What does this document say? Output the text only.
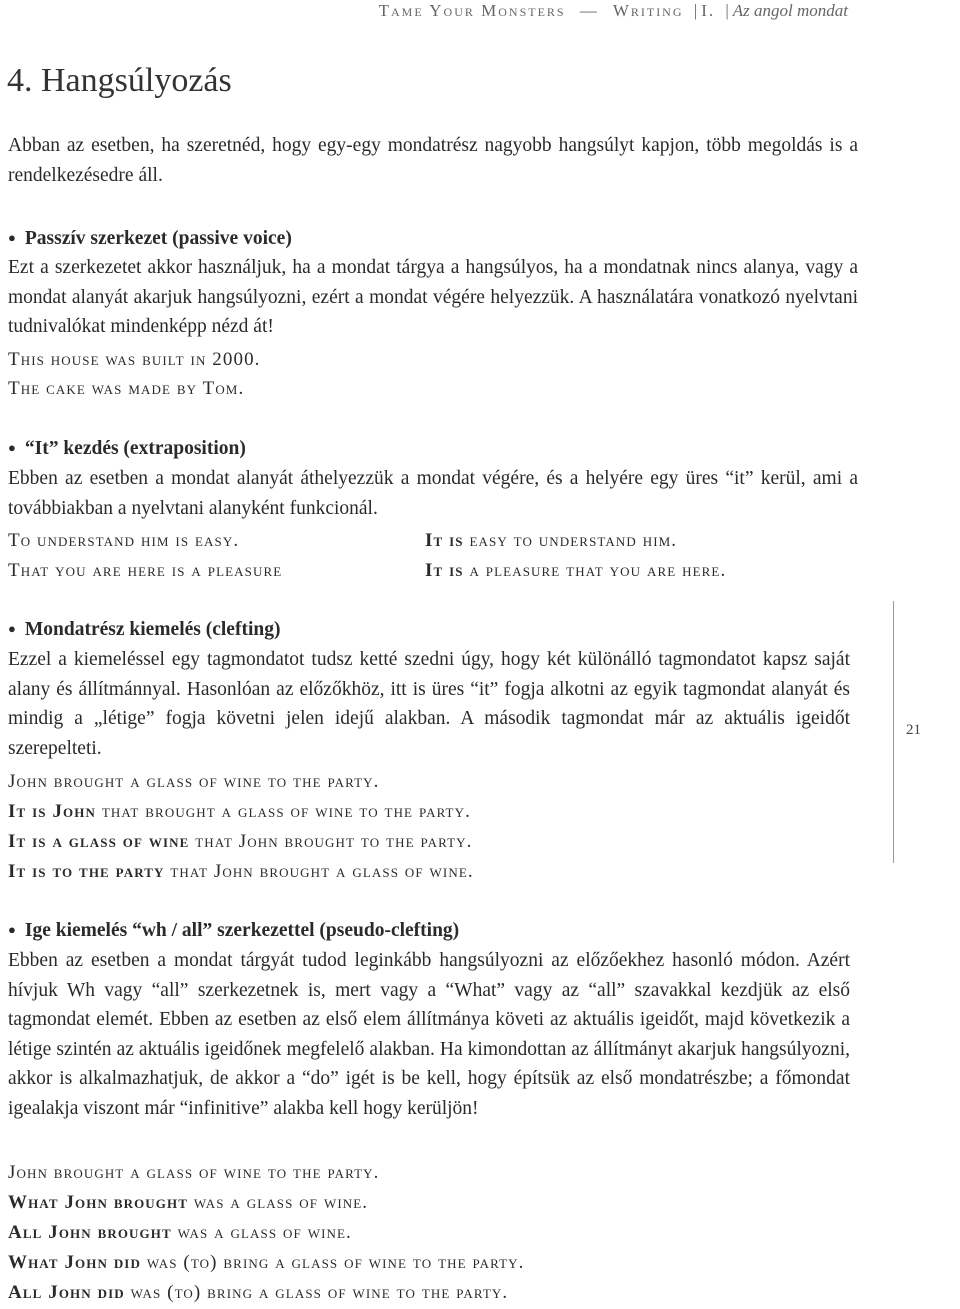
Tame Your Monsters — Writing | I. | Az angol mondat
4. Hangsúlyozás
Abban az esetben, ha szeretnéd, hogy egy-egy mondatrész nagyobb hangsúlyt kapjon, több megoldás is a rendelkezésedre áll.
● Passzív szerkezet (passive voice)
Ezt a szerkezetet akkor használjuk, ha a mondat tárgya a hangsúlyos, ha a mondatnak nincs alanya, vagy a mondat alanyát akarjuk hangsúlyozni, ezért a mondat végére helyezzük. A használatára vonatkozó nyelvtani tudnivalókat mindenképp nézd át!
This house was built in 2000.
The cake was made by Tom.
● “It” kezdés (extraposition)
Ebben az esetben a mondat alanyát áthelyezzük a mondat végére, és a helyére egy üres “it” kerül, ami a továbbiakban a nyelvtani alanyként funkcionál.
To understand him is easy.	It is easy to understand him.
That you are here is a pleasure	It is a pleasure that you are here.
● Mondatrész kiemelés (clefting)
Ezzel a kiemeléssel egy tagmondatot tudsz ketté szedni úgy, hogy két különálló tagmondatot kapsz saját alany és állítmánnyal. Hasonlóan az előzőkhöz, itt is üres “it” fogja alkotni az egyik tagmondat alanyát és mindig a „létige” fogja követni jelen idejű alakban. A második tagmondat már az aktuális igeidőt szerepelteti.
John brought a glass of wine to the party.
It is John that brought a glass of wine to the party.
It is a glass of wine that John brought to the party.
It is to the party that John brought a glass of wine.
● Ige kiemelés “wh / all” szerkezettel (pseudo-clefting)
Ebben az esetben a mondat tárgyát tudod leginkább hangsúlyozni az előzőekhez hasonló módon. Azért hívjuk Wh vagy “all” szerkezetnek is, mert vagy a “What” vagy az “all” szavakkal kezdjük az első tagmondat elemét. Ebben az esetben az első elem állítmánya követi az aktuális igeidőt, majd következik a létige szintén az aktuális igeidőnek megfelelő alakban. Ha kimondottan az állítmányt akarjuk hangsúlyozni, akkor is alkalmazhatjuk, de akkor a “do” igét is be kell, hogy építsük az első mondatrészbe; a főmondat igealakja viszont már “infinitive” alakba kell hogy kerüljön!
John brought a glass of wine to the party.
What John brought was a glass of wine.
All John brought was a glass of wine.
What John did was (to) bring a glass of wine to the party.
All John did was (to) bring a glass of wine to the party.
21
